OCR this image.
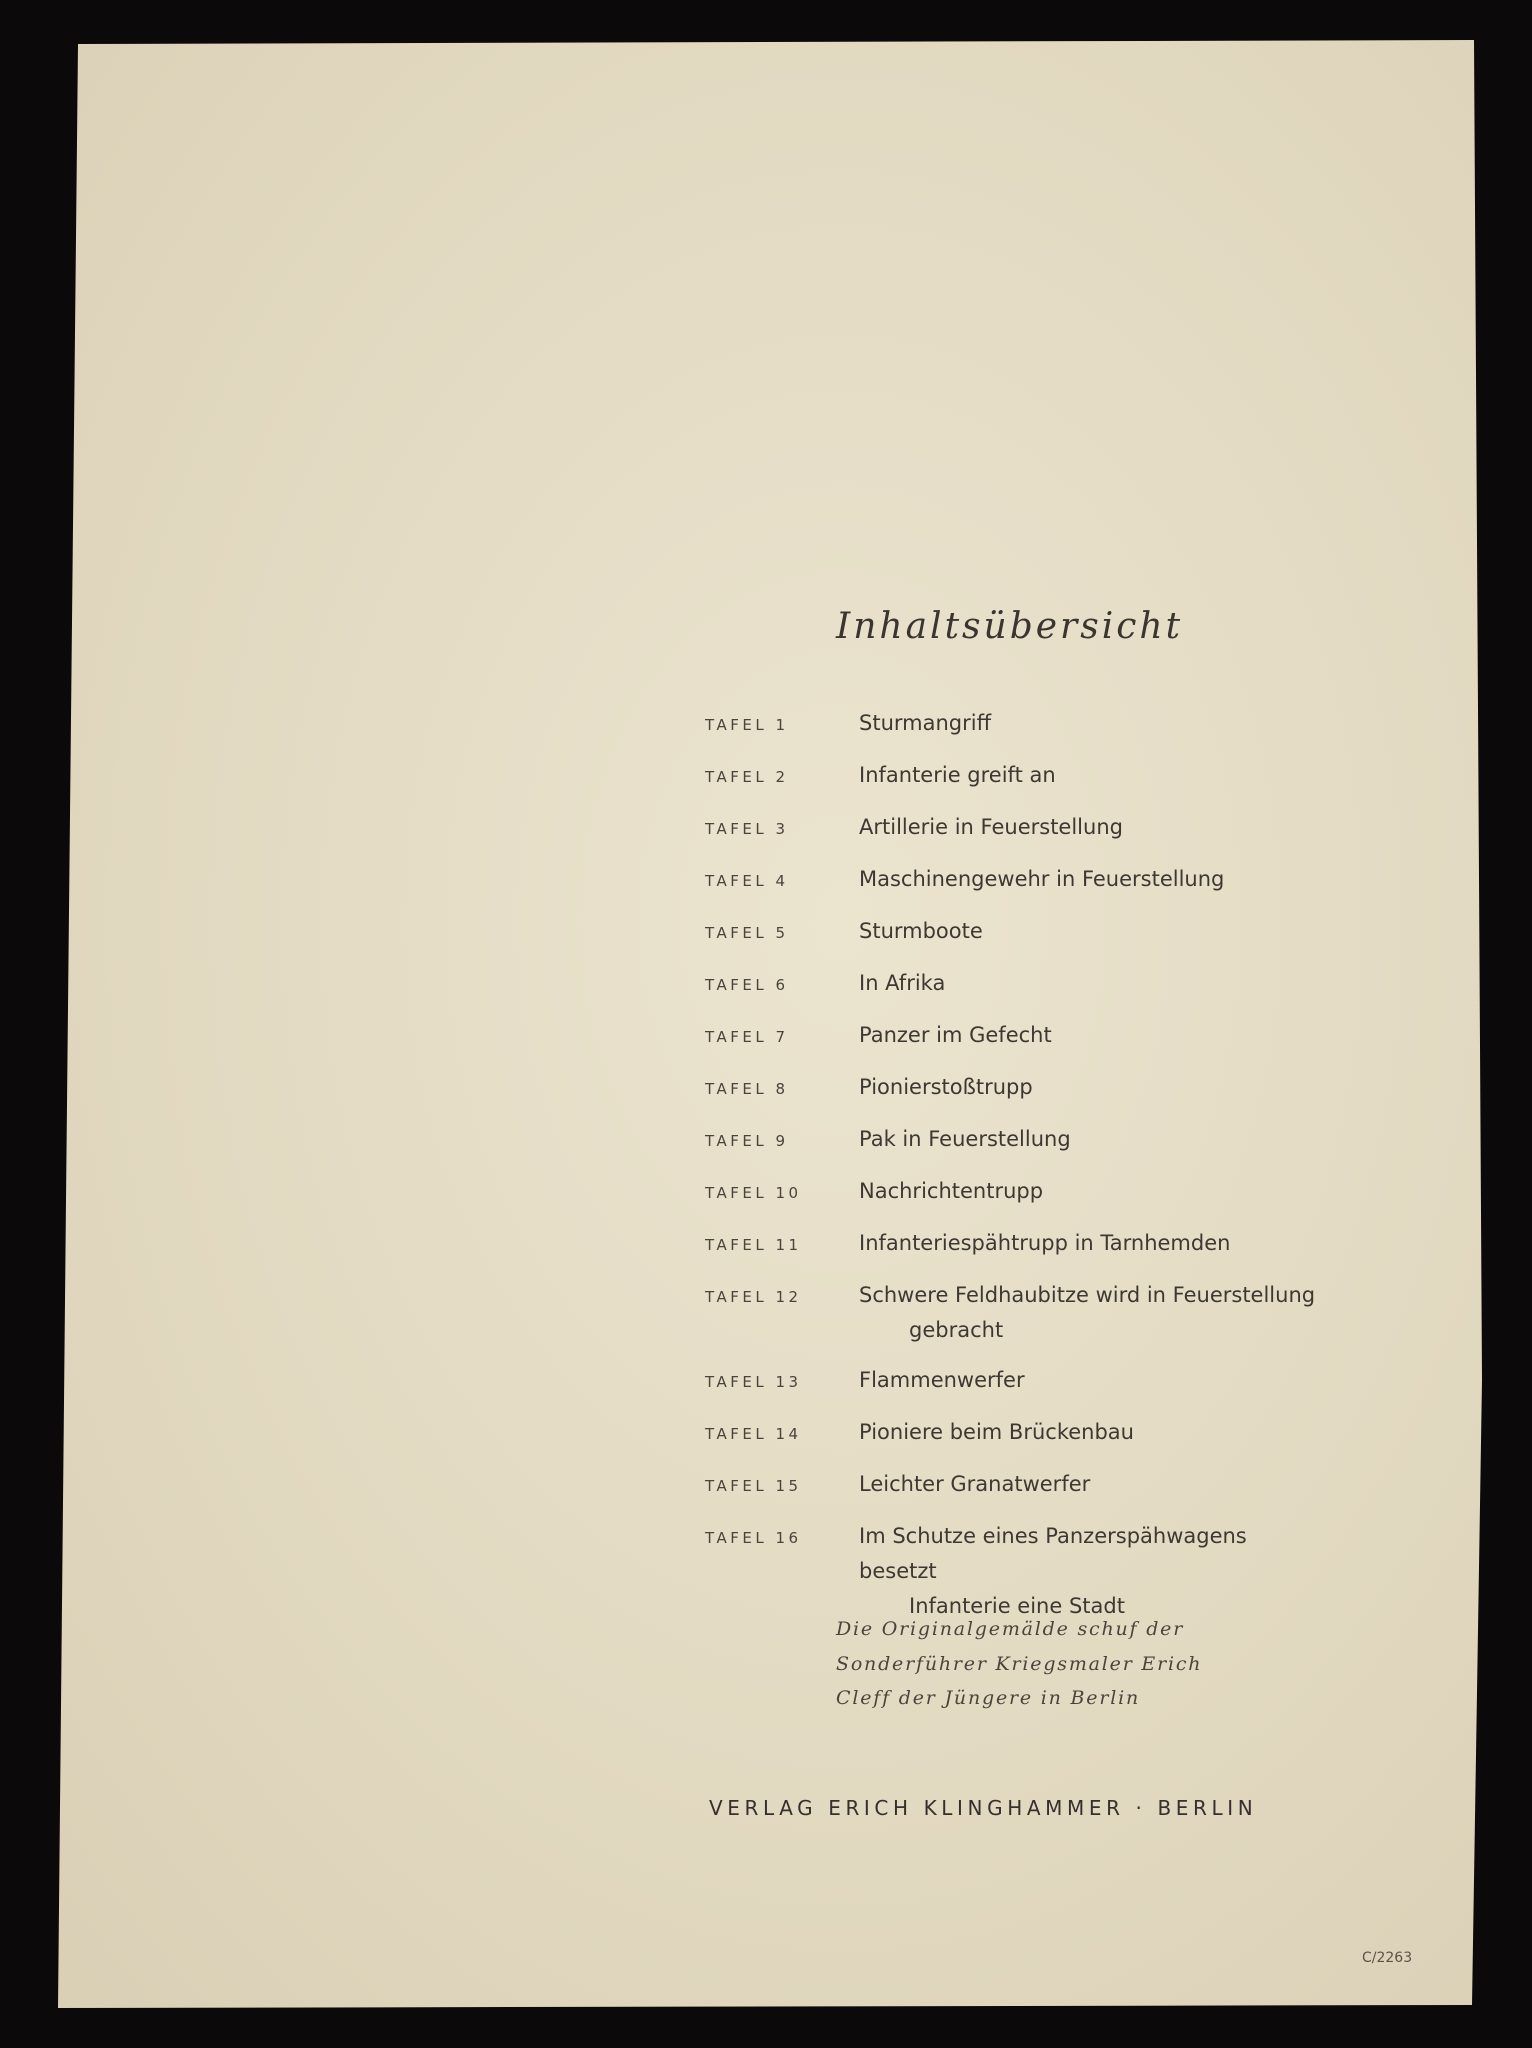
Inhaltsübersicht
TAFEL 1	Sturmangriff
TAFEL 2	Infanterie greift an
TAFEL 3	Artillerie in Feuerstellung
TAFEL 4	Maschinengewehr in Feuerstellung
TAFEL 5	Sturmboote
TAFEL 6	In Afrika
TAFEL 7	Panzer im Gefecht
TAFEL 8	Pionierstoßtrupp
TAFEL 9	Pak in Feuerstellung
TAFEL 10	Nachrichtentrupp
TAFEL 11	Infanteriespähtrupp in Tarnhemden
TAFEL 12	Schwere Feldhaubitze wird in Feuerstellung
gebracht
TAFEL 13	Flammenwerfer
TAFEL 14	Pioniere beim Brückenbau
TAFEL 15	Leichter Granatwerfer
TAFEL 16	Im Schutze eines Panzerspähwagens besetzt
Infanterie eine Stadt
Die Originalgemälde schuf der
Sonderführer Kriegsmaler Erich
Cleff der Jüngere in Berlin
VERLAG ERICH KLINGHAMMER · BERLIN
C/2263
